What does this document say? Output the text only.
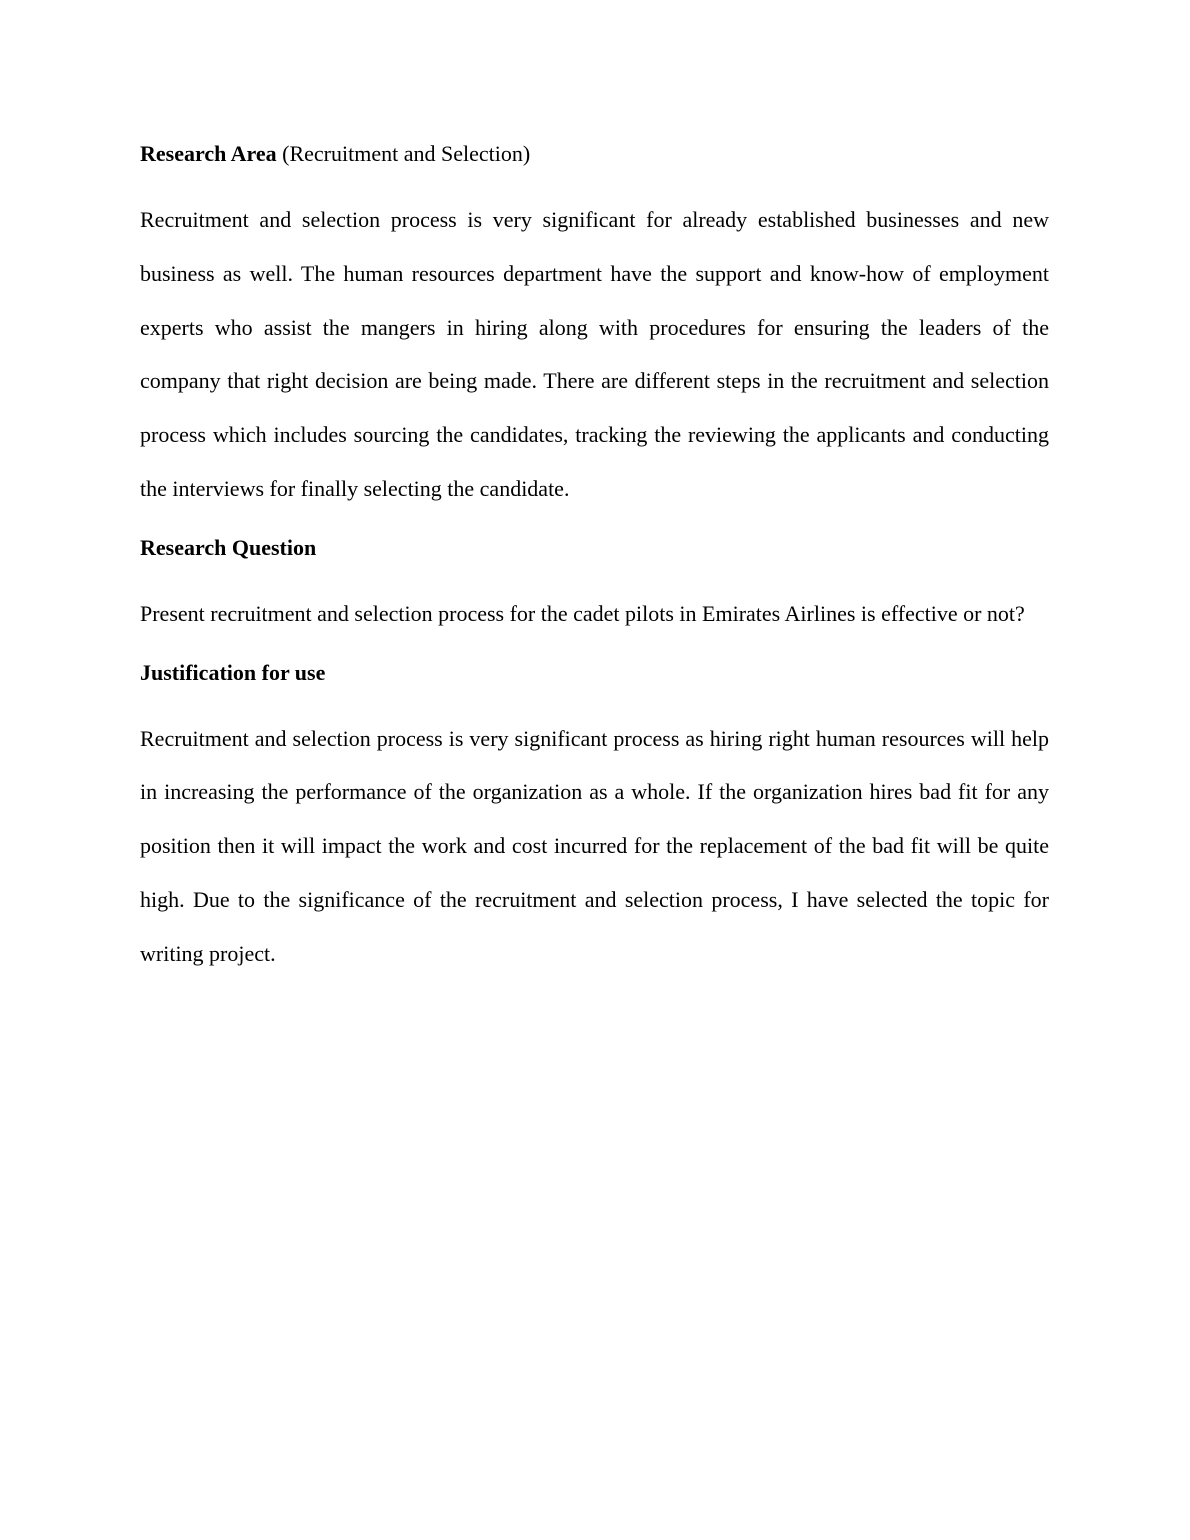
Research Area (Recruitment and Selection)

Recruitment and selection process is very significant for already established businesses and new business as well. The human resources department have the support and know-how of employment experts who assist the mangers in hiring along with procedures for ensuring the leaders of the company that right decision are being made. There are different steps in the recruitment and selection process which includes sourcing the candidates, tracking the reviewing the applicants and conducting the interviews for finally selecting the candidate.

Research Question

Present recruitment and selection process for the cadet pilots in Emirates Airlines is effective or not?

Justification for use

Recruitment and selection process is very significant process as hiring right human resources will help in increasing the performance of the organization as a whole. If the organization hires bad fit for any position then it will impact the work and cost incurred for the replacement of the bad fit will be quite high. Due to the significance of the recruitment and selection process, I have selected the topic for writing project.
